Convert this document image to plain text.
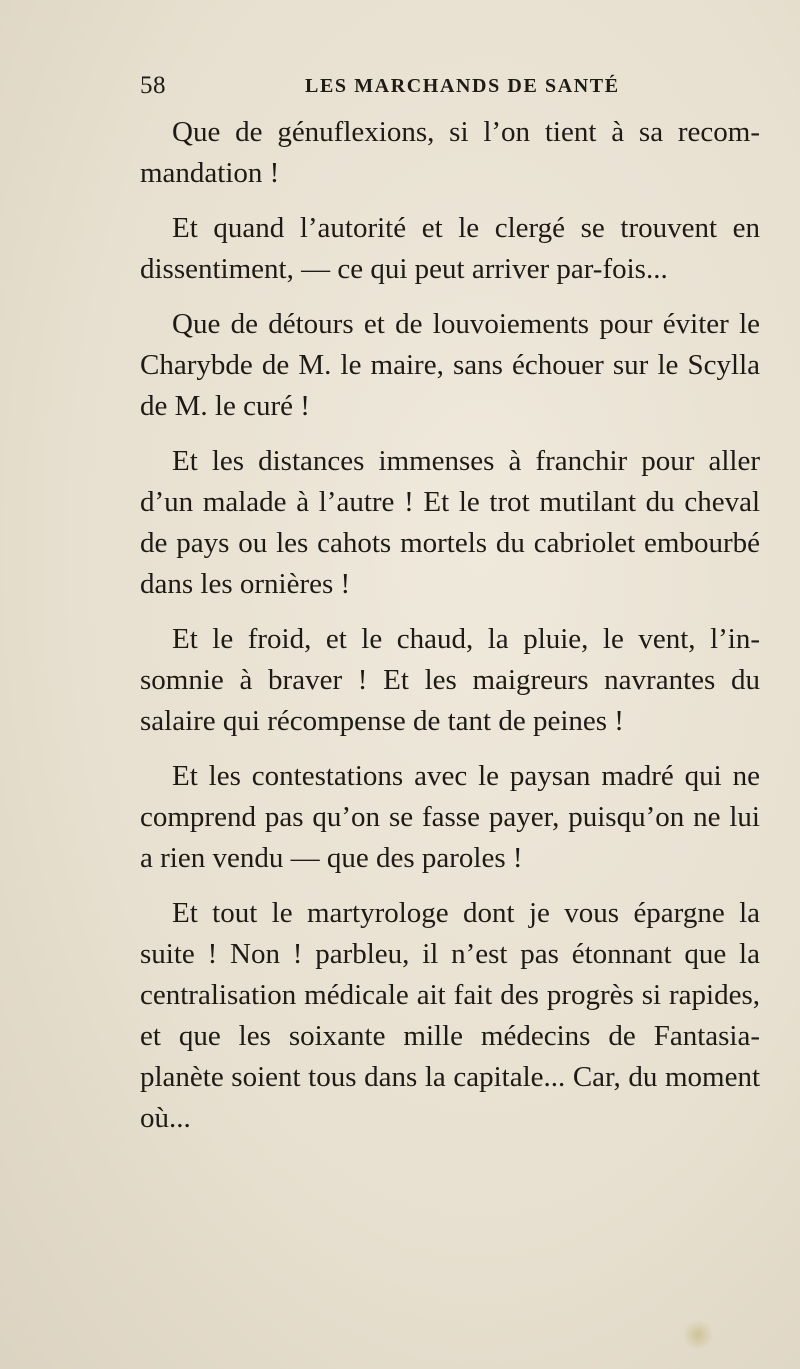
58	LES MARCHANDS DE SANTÉ

Que de génuflexions, si l’on tient à sa recom-mandation !

Et quand l’autorité et le clergé se trouvent en dissentiment, — ce qui peut arriver par-fois...

Que de détours et de louvoiements pour éviter le Charybde de M. le maire, sans échouer sur le Scylla de M. le curé !

Et les distances immenses à franchir pour aller d’un malade à l’autre ! Et le trot mutilant du cheval de pays ou les cahots mortels du cabriolet embourbé dans les ornières !

Et le froid, et le chaud, la pluie, le vent, l’in-somnie à braver ! Et les maigreurs navrantes du salaire qui récompense de tant de peines !

Et les contestations avec le paysan madré qui ne comprend pas qu’on se fasse payer, puisqu’on ne lui a rien vendu — que des paroles !

Et tout le martyrologe dont je vous épargne la suite ! Non ! parbleu, il n’est pas étonnant que la centralisation médicale ait fait des progrès si rapides, et que les soixante mille médecins de Fantasia-planète soient tous dans la capitale... Car, du moment où...
